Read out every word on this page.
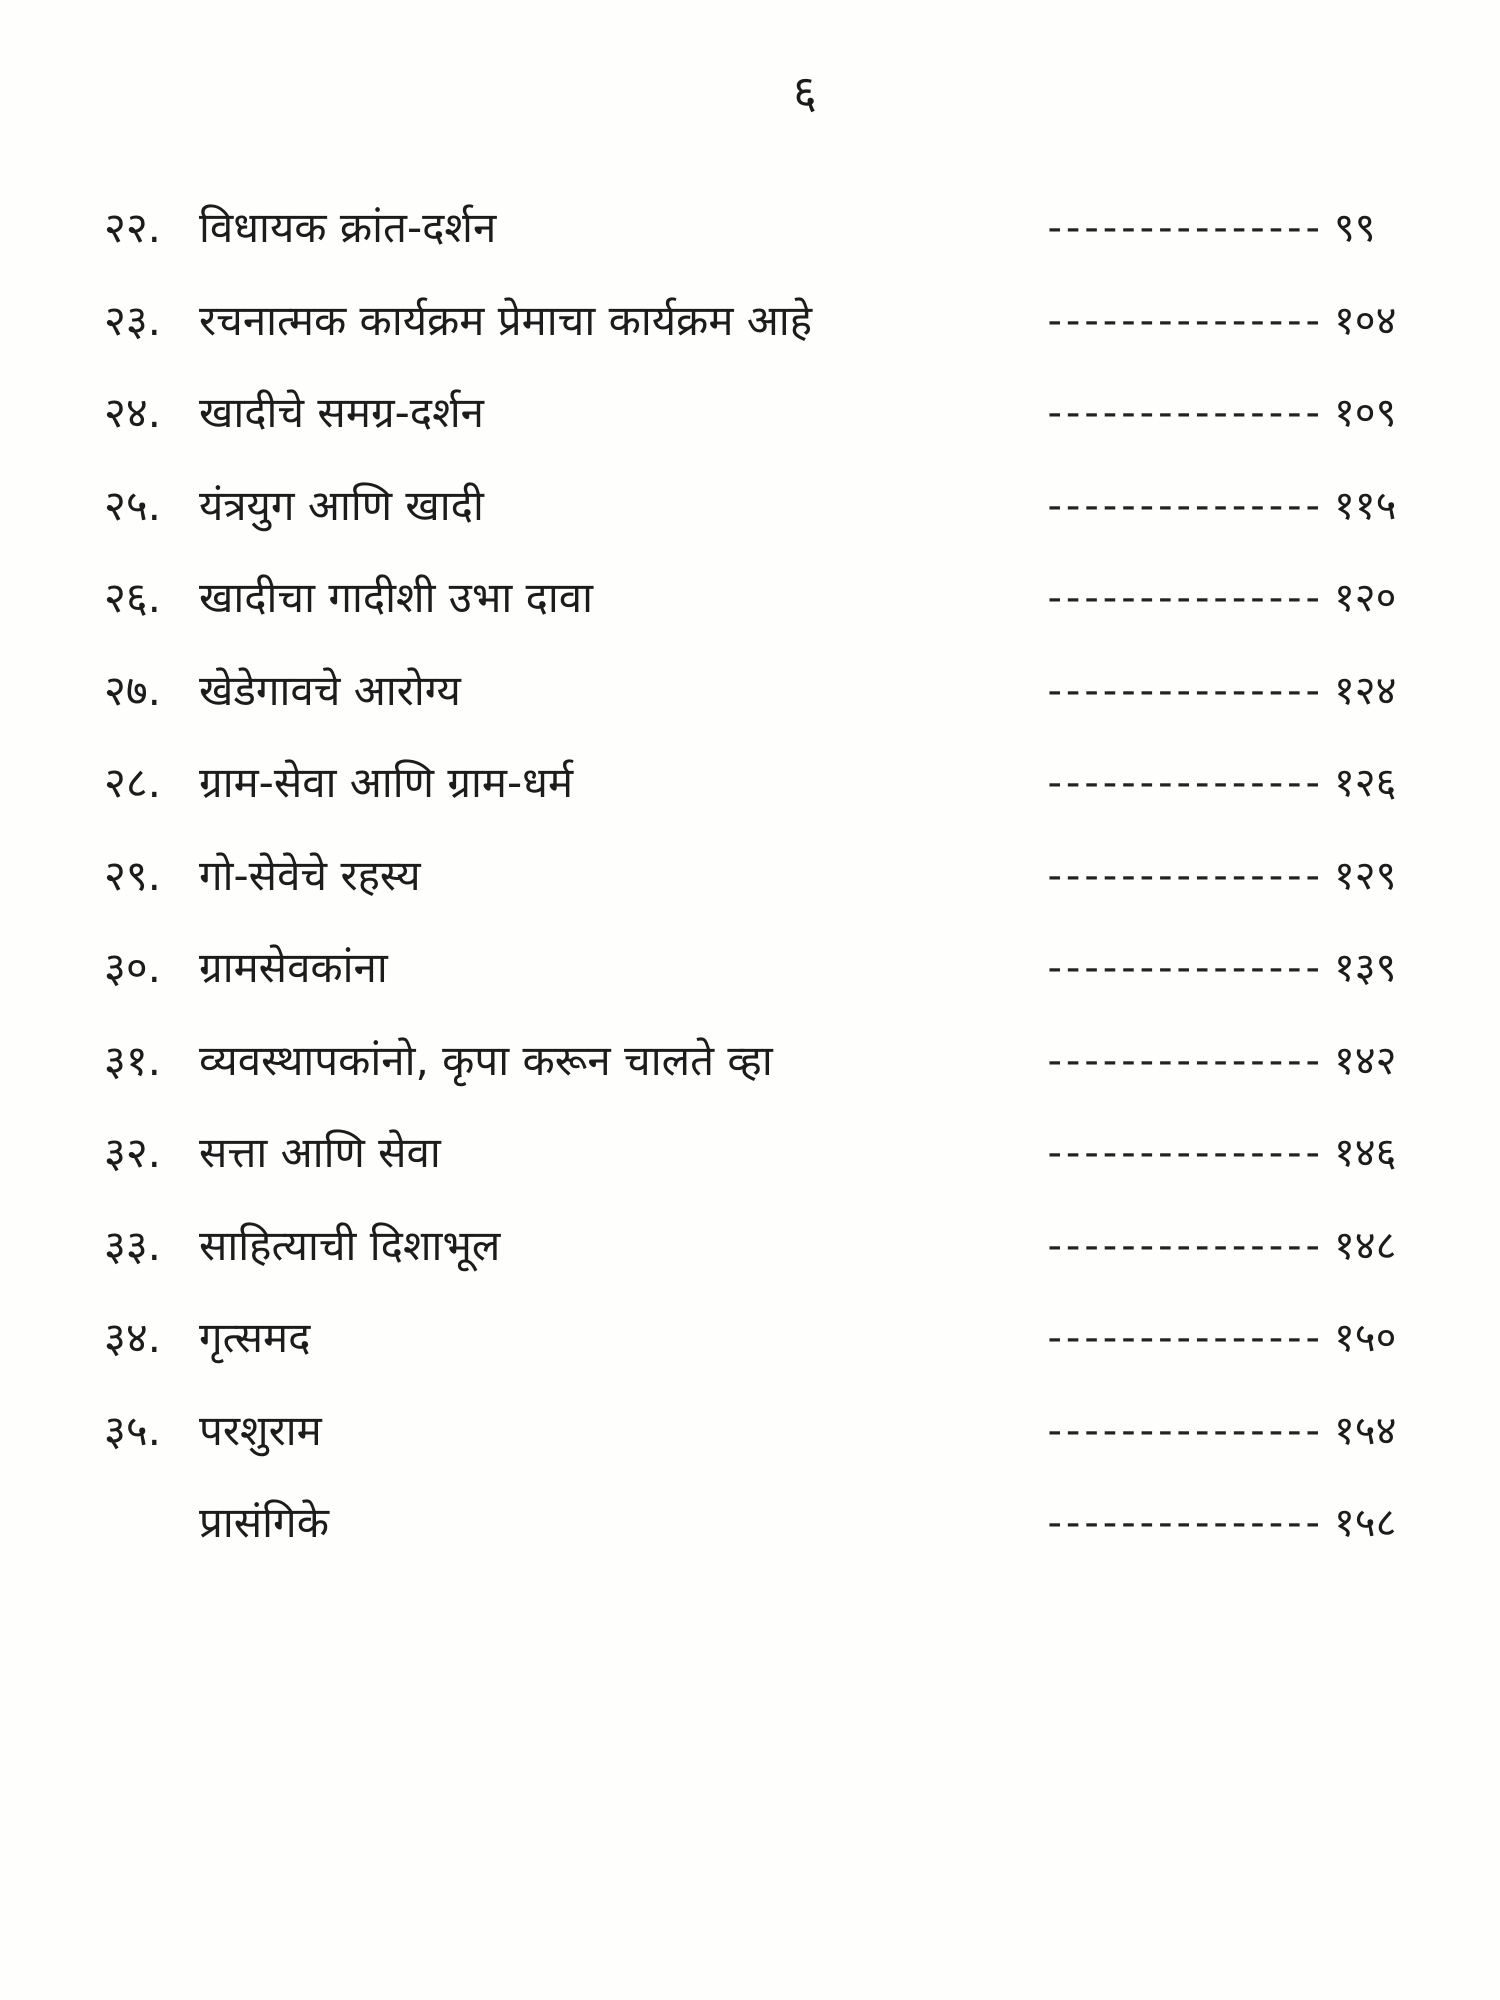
६
२२. विधायक क्रांत-दर्शन	--------------- ९९
२३. रचनात्मक कार्यक्रम प्रेमाचा कार्यक्रम आहे	--------------- १०४
२४. खादीचे समग्र-दर्शन	--------------- १०९
२५. यंत्रयुग आणि खादी	--------------- ११५
२६. खादीचा गादीशी उभा दावा	--------------- १२०
२७. खेडेगावचे आरोग्य	--------------- १२४
२८. ग्राम-सेवा आणि ग्राम-धर्म	--------------- १२६
२९. गो-सेवेचे रहस्य	--------------- १२९
३०. ग्रामसेवकांना	--------------- १३९
३१. व्यवस्थापकांनो, कृपा करून चालते व्हा	--------------- १४२
३२. सत्ता आणि सेवा	--------------- १४६
३३. साहित्याची दिशाभूल	--------------- १४८
३४. गृत्समद	--------------- १५०
३५. परशुराम	--------------- १५४
प्रासंगिके	--------------- १५८
